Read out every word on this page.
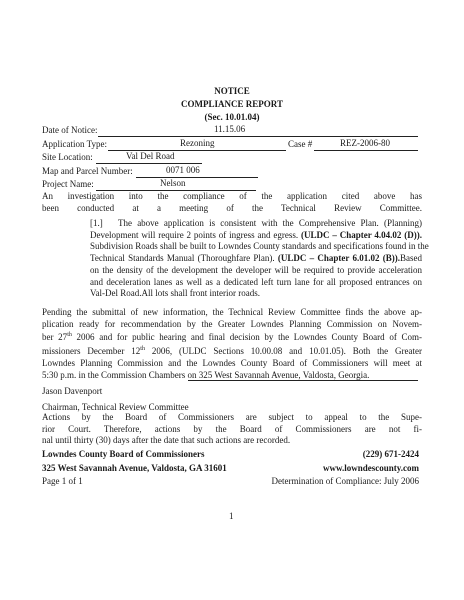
NOTICE
COMPLIANCE REPORT
(Sec. 10.01.04)
Date of Notice:	11.15.06
Application Type:	Rezoning	Case #	REZ-2006-80
Site Location:	Val Del Road
Map and Parcel Number:	0071 006
Project Name:	Nelson
An investigation into the compliance of the application cited above has
been conducted at a meeting of the Technical Review Committee.
[1.]	The above application is consistent with the Comprehensive Plan. (Planning)
Development will require 2 points of ingress and egress. (ULDC – Chapter 4.04.02 (D)).
Subdivision Roads shall be built to Lowndes County standards and specifications found in the
Technical Standards Manual (Thoroughfare Plan). (ULDC – Chapter 6.01.02 (B)).Based
on the density of the development the developer will be required to provide acceleration
and deceleration lanes as well as a dedicated left turn lane for all proposed entrances on
Val-Del Road.All lots shall front interior roads.
Pending the submittal of new information, the Technical Review Committee finds the above ap-
plication ready for recommendation by the Greater Lowndes Planning Commission on Novem-
ber 27th 2006 and for public hearing and final decision by the Lowndes County Board of Com-
missioners December 12th 2006, (ULDC Sections 10.00.08 and 10.01.05). Both the Greater
Lowndes Planning Commission and the Lowndes County Board of Commissioners will meet at
5:30 p.m. in the Commission Chambers on 325 West Savannah Avenue, Valdosta, Georgia.
Jason Davenport
Chairman, Technical Review Committee
Actions by the Board of Commissioners are subject to appeal to the Supe-
rior Court. Therefore, actions by the Board of Commissioners are not fi-
nal until thirty (30) days after the date that such actions are recorded.
Lowndes County Board of Commissioners	(229) 671-2424
325 West Savannah Avenue, Valdosta, GA 31601	www.lowndescounty.com
Page 1 of 1	Determination of Compliance: July 2006
1
